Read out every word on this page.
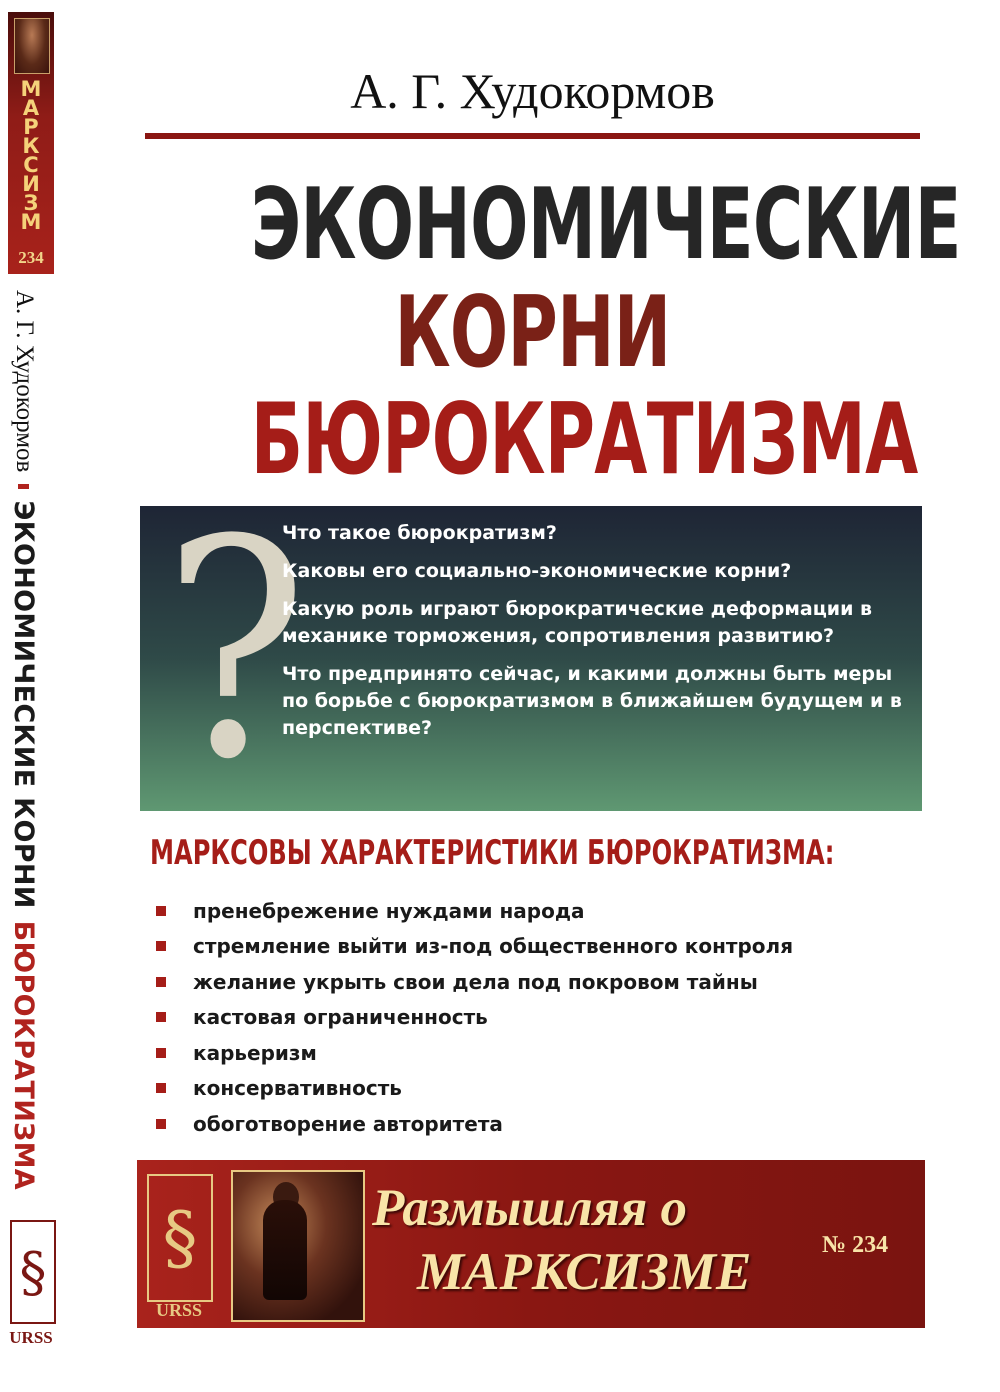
М
А
Р
К
С
И
З
М
234
А. Г. Худокормов
ЭКОНОМИЧЕСКИЕ КОРНИ
БЮРОКРАТИЗМА
§
URSS
А. Г. Худокормов
ЭКОНОМИЧЕСКИЕ
КОРНИ
БЮРОКРАТИЗМА
?
Что такое бюрократизм?
Каковы его социально-экономические корни?
Какую роль играют бюрократические деформации в механике торможения, сопротивления развитию?
Что предпринято сейчас, и какими должны быть меры по борьбе с бюрократизмом в ближайшем будущем и в перспективе?
МАРКСОВЫ ХАРАКТЕРИСТИКИ БЮРОКРАТИЗМА:
пренебрежение нуждами народа
стремление выйти из-под общественного контроля
желание укрыть свои дела под покровом тайны
кастовая ограниченность
карьеризм
консервативность
обоготворение авторитета
§
URSS
Размышляя о
МАРКСИЗМЕ	№ 234
